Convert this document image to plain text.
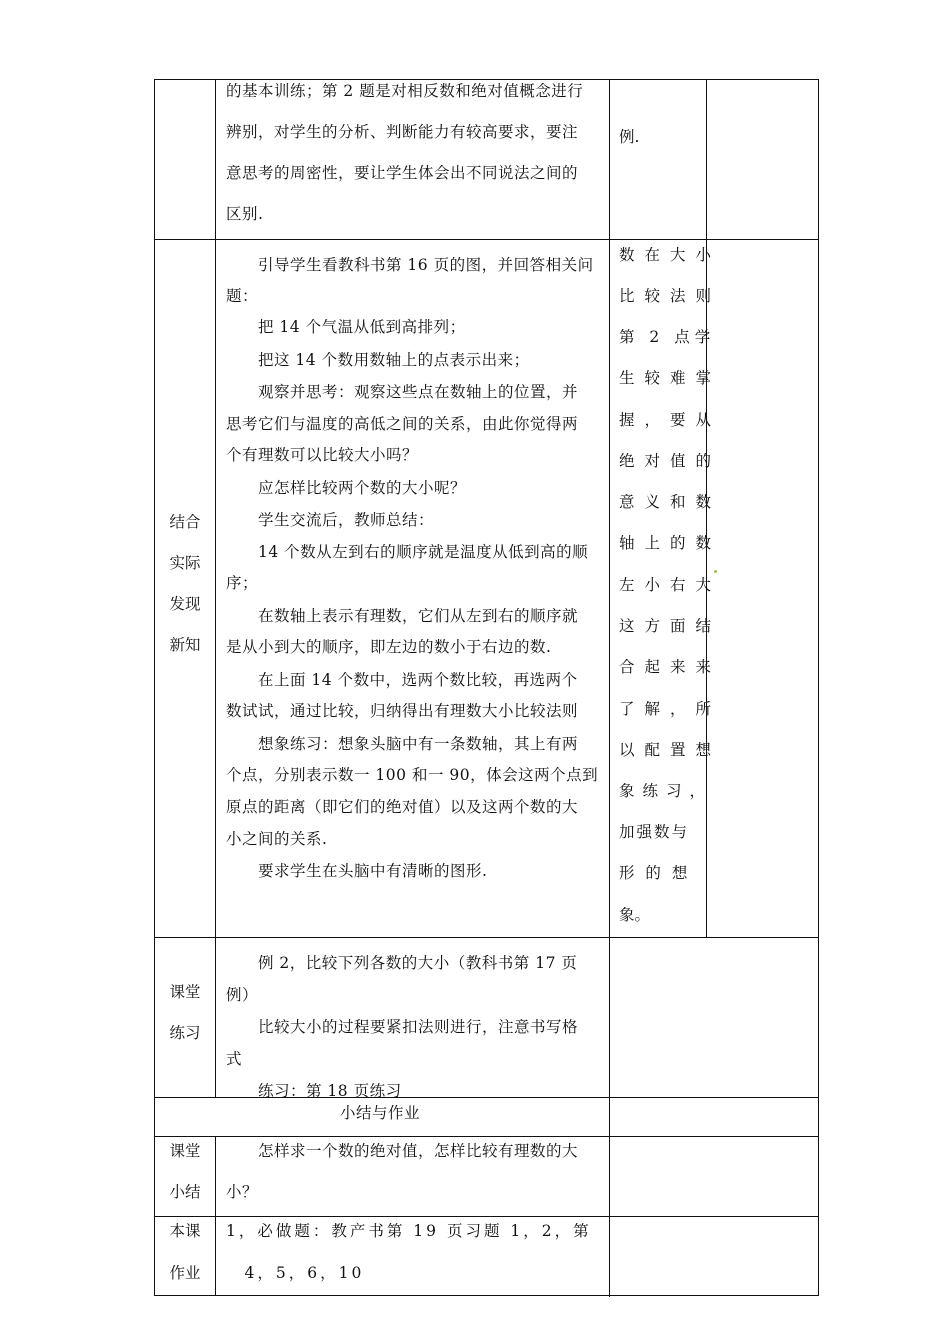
的基本训练；第 2 题是对相反数和绝对值概念进行
辨别，对学生的分析、判断能力有较高要求，要注
意思考的周密性，要让学生体会出不同说法之间的
区别.
例.
结合
实际
发现
新知
　　引导学生看教科书第 16 页的图，并回答相关问
题：
　　把 14 个气温从低到高排列；
　　把这 14 个数用数轴上的点表示出来；
　　观察并思考：观察这些点在数轴上的位置，并
思考它们与温度的高低之间的关系，由此你觉得两
个有理数可以比较大小吗？
　　应怎样比较两个数的大小呢？
　　学生交流后，教师总结：
　　14 个数从左到右的顺序就是温度从低到高的顺
序；
　　在数轴上表示有理数，它们从左到右的顺序就
是从小到大的顺序，即左边的数小于右边的数.
　　在上面 14 个数中，选两个数比较，再选两个
数试试，通过比较，归纳得出有理数大小比较法则
　　想象练习：想象头脑中有一条数轴，其上有两
个点，分别表示数一 100 和一 90，体会这两个点到
原点的距离（即它们的绝对值）以及这两个数的大
小之间的关系.
　　要求学生在头脑中有清晰的图形.
数在大小
比较法则
第 2 点学
生较难掌
握，要从
绝对值的
意义和数
轴上的数
左小右大
这方面结
合起来来
了解，所
以配置想
象练习，
加强数与
形 的 想
象。
课堂
练习
　　例 2，比较下列各数的大小（教科书第 17 页
例）
　　比较大小的过程要紧扣法则进行，注意书写格
式
　　练习：第 18 页练习
小结与作业
课堂
小结
　　怎样求一个数的绝对值，怎样比较有理数的大
小？
本课
作业
1，必做题：教产书第 19 页习题 1，2，第
　4，5，6，10
